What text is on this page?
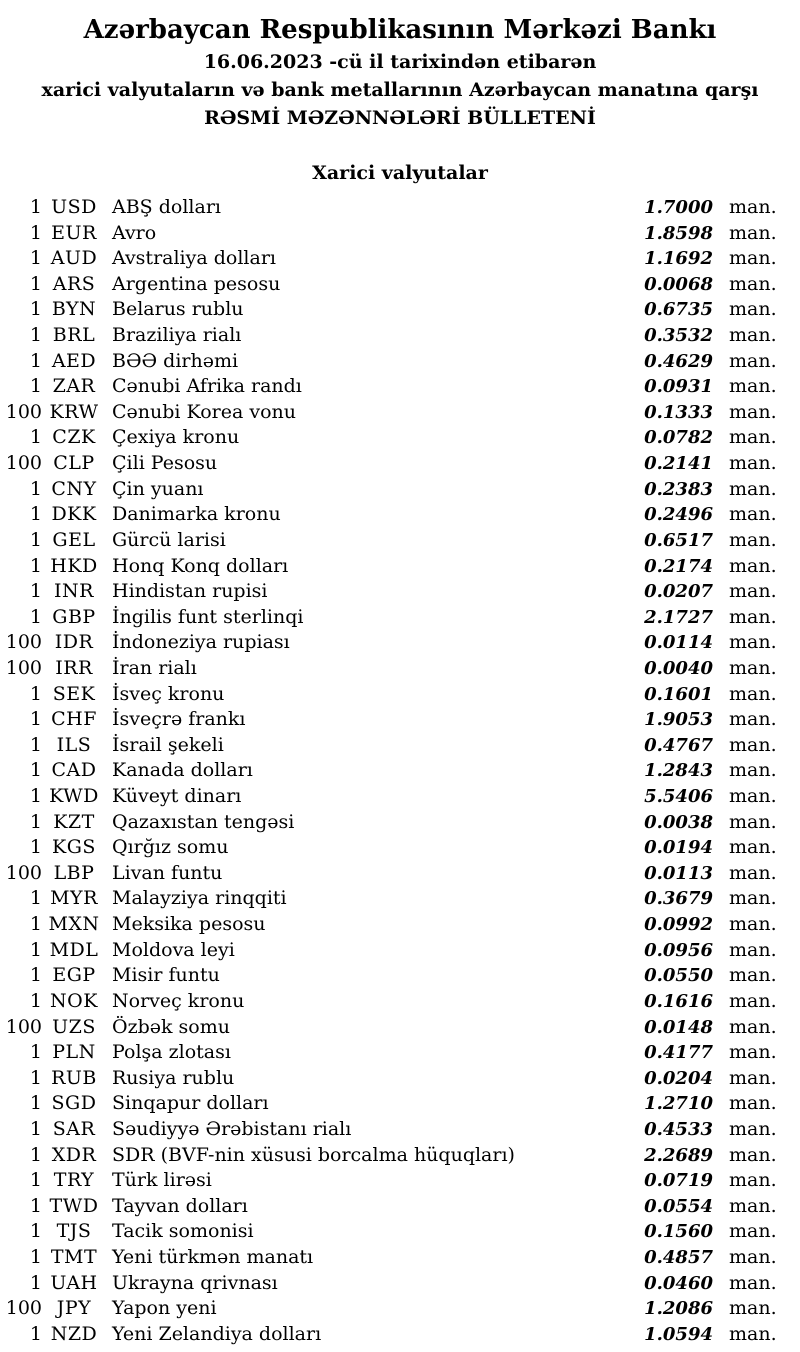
Azərbaycan Respublikasının Mərkəzi Bankı
16.06.2023 -cü il tarixindən etibarən
xarici valyutaların və bank metallarının Azərbaycan manatına qarşı
RƏSMİ MƏZƏNNƏLƏRİ BÜLLETENİ
Xarici valyutalar
1 USD ABŞ dolları	1.7000 man.
1 EUR Avro	1.8598 man.
1 AUD Avstraliya dolları	1.1692 man.
1 ARS Argentina pesosu	0.0068 man.
1 BYN Belarus rublu	0.6735 man.
1 BRL Braziliya rialı	0.3532 man.
1 AED BƏƏ dirhəmi	0.4629 man.
1 ZAR Cənubi Afrika randı	0.0931 man.
100 KRW Cənubi Korea vonu	0.1333 man.
1 CZK Çexiya kronu	0.0782 man.
100 CLP Çili Pesosu	0.2141 man.
1 CNY Çin yuanı	0.2383 man.
1 DKK Danimarka kronu	0.2496 man.
1 GEL Gürcü larisi	0.6517 man.
1 HKD Honq Konq dolları	0.2174 man.
1 INR Hindistan rupisi	0.0207 man.
1 GBP İngilis funt sterlinqi	2.1727 man.
100 IDR İndoneziya rupiası	0.0114 man.
100 IRR	İran rialı	0.0040 man.
1 SEK İsveç kronu	0.1601 man.
1 CHF İsveçrə frankı	1.9053 man.
1 ILS	İsrail şekeli	0.4767 man.
1 CAD Kanada dolları	1.2843 man.
1 KWD Küveyt dinarı	5.5406 man.
1 KZT Qazaxıstan tengəsi	0.0038 man.
1 KGS Qırğız somu	0.0194 man.
100 LBP Livan funtu	0.0113 man.
1 MYR Malayziya rinqqiti	0.3679 man.
1 MXN Meksika pesosu	0.0992 man.
1 MDL Moldova leyi	0.0956 man.
1 EGP Misir funtu	0.0550 man.
1 NOK Norveç kronu	0.1616 man.
100 UZS Özbək somu	0.0148 man.
1 PLN Polşa zlotası	0.4177 man.
1 RUB Rusiya rublu	0.0204 man.
1 SGD Sinqapur dolları	1.2710 man.
1 SAR Səudiyyə Ərəbistanı rialı	0.4533 man.
1 XDR SDR (BVF-nin xüsusi borcalma hüquqları)	2.2689 man.
1 TRY Türk lirəsi	0.0719 man.
1 TWD Tayvan dolları	0.0554 man.
1 TJS	Tacik somonisi	0.1560 man.
1 TMT Yeni türkmən manatı	0.4857 man.
1 UAH Ukrayna qrivnası	0.0460 man.
100 JPY	Yapon yeni	1.2086 man.
1 NZD Yeni Zelandiya dolları	1.0594 man.
